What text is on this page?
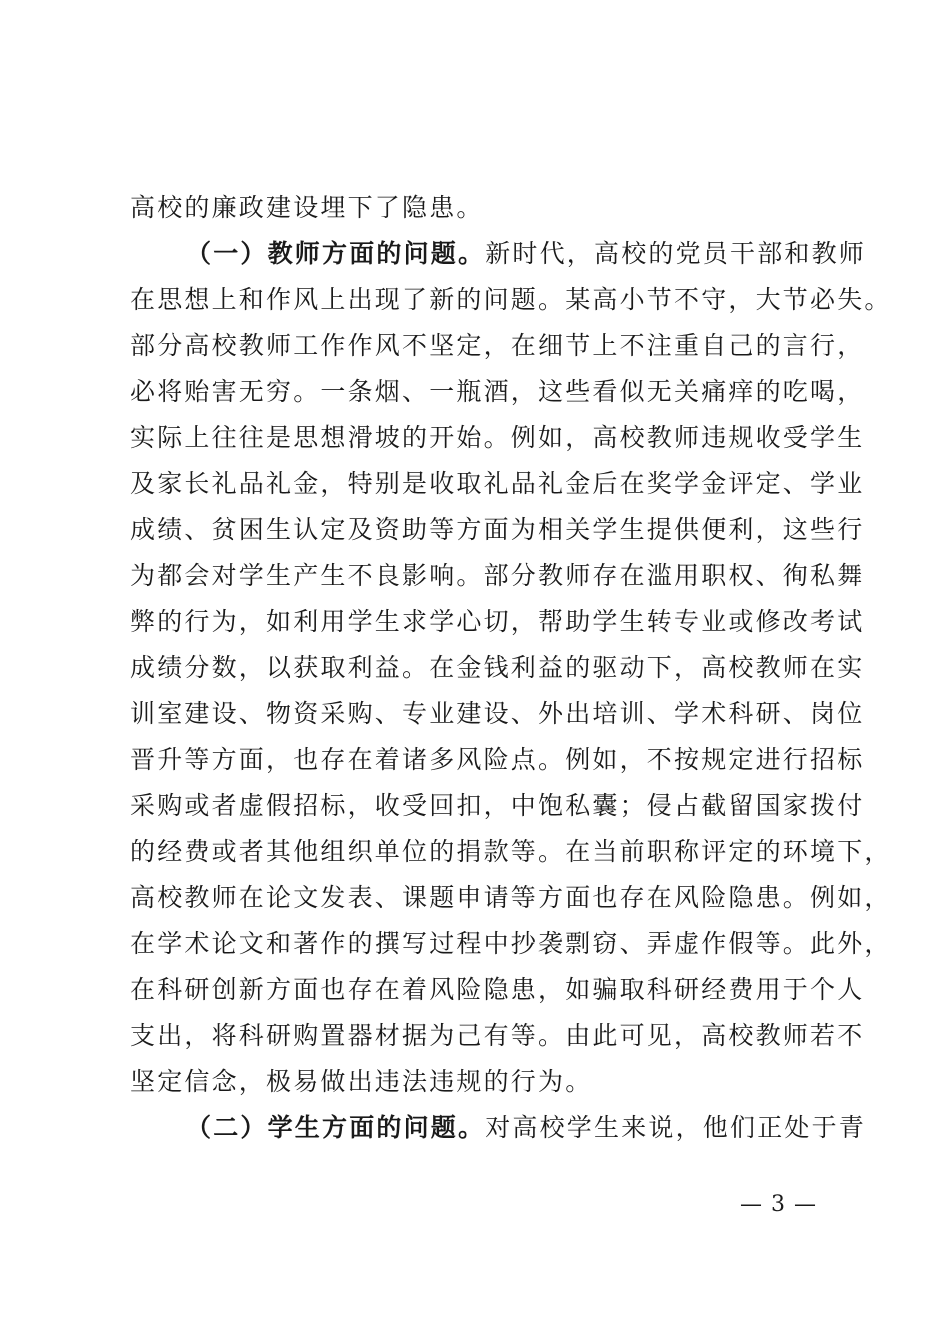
高校的廉政建设埋下了隐患。
（一）教师方面的问题。新时代，高校的党员干部和教师
在思想上和作风上出现了新的问题。某高小节不守，大节必失。
部分高校教师工作作风不坚定，在细节上不注重自己的言行，
必将贻害无穷。一条烟、一瓶酒，这些看似无关痛痒的吃喝，
实际上往往是思想滑坡的开始。例如，高校教师违规收受学生
及家长礼品礼金，特别是收取礼品礼金后在奖学金评定、学业
成绩、贫困生认定及资助等方面为相关学生提供便利，这些行
为都会对学生产生不良影响。部分教师存在滥用职权、徇私舞
弊的行为，如利用学生求学心切，帮助学生转专业或修改考试
成绩分数，以获取利益。在金钱利益的驱动下，高校教师在实
训室建设、物资采购、专业建设、外出培训、学术科研、岗位
晋升等方面，也存在着诸多风险点。例如，不按规定进行招标
采购或者虚假招标，收受回扣，中饱私囊；侵占截留国家拨付
的经费或者其他组织单位的捐款等。在当前职称评定的环境下，
高校教师在论文发表、课题申请等方面也存在风险隐患。例如，
在学术论文和著作的撰写过程中抄袭剽窃、弄虚作假等。此外，
在科研创新方面也存在着风险隐患，如骗取科研经费用于个人
支出，将科研购置器材据为己有等。由此可见，高校教师若不
坚定信念，极易做出违法违规的行为。
（二）学生方面的问题。对高校学生来说，他们正处于青
— 3 —
